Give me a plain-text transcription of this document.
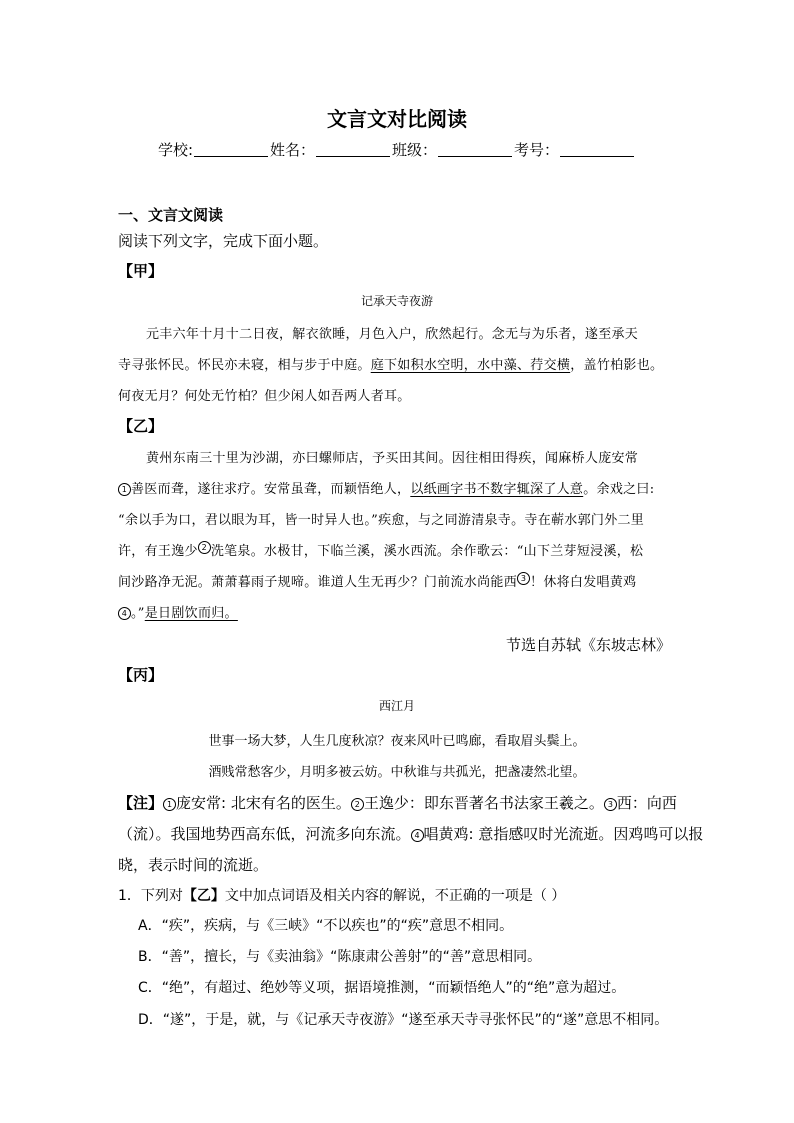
文言文对比阅读
学校:	姓名：	班级：	考号：
一、文言文阅读
阅读下列文字，完成下面小题。
【甲】
记承天寺夜游
元丰六年十月十二日夜，解衣欲睡，月色入户，欣然起行。念无与为乐者，遂至承天
寺寻张怀民。怀民亦未寝，相与步于中庭。庭下如积水空明，水中藻、荇交横，盖竹柏影也。
何夜无月？何处无竹柏？但少闲人如吾两人者耳。
【乙】
黄州东南三十里为沙湖，亦曰螺师店，予买田其间。因往相田得疾，闻麻桥人庞安常
1 善医而聋，遂往求疗。安常虽聋，而颖悟绝人，以纸画字书不数字辄深了人意。余戏之曰:
“余以手为口，君以眼为耳，皆一时异人也。”疾愈，与之同游清泉寺。寺在蕲水郭门外二里
许，有王逸少 2 洗笔泉。水极甘，下临兰溪，溪水西流。余作歌云：“山下兰芽短浸溪，松
间沙路净无泥。萧萧暮雨子规啼。谁道人生无再少？门前流水尚能西 3 ！休将白发唱黄鸡
4 。”是日剧饮而归。
节选自苏轼《东坡志林》
【丙】
西江月
世事一场大梦，人生几度秋凉？夜来风叶已鸣廊，看取眉头鬓上。
酒贱常愁客少，月明多被云妨。中秋谁与共孤光，把盏凄然北望。
【注】 1 庞安常: 北宋有名的医生。 2 王逸少：即东晋著名书法家王羲之。 3 西：向西
（流）。我国地势西高东低，河流多向东流。 4 唱黄鸡: 意指感叹时光流逝。因鸡鸣可以报
晓，表示时间的流逝。
1．下列对【乙】文中加点词语及相关内容的解说，不正确的一项是（ ）
A．“疾”，疾病，与《三峡》“不以疾也”的“疾”意思不相同。
B．“善”，擅长，与《卖油翁》“陈康肃公善射”的“善”意思相同。
C．“绝”，有超过、绝妙等义项，据语境推测，“而颖悟绝人”的“绝”意为超过。
D．“遂”，于是，就，与《记承天寺夜游》“遂至承天寺寻张怀民”的“遂”意思不相同。
